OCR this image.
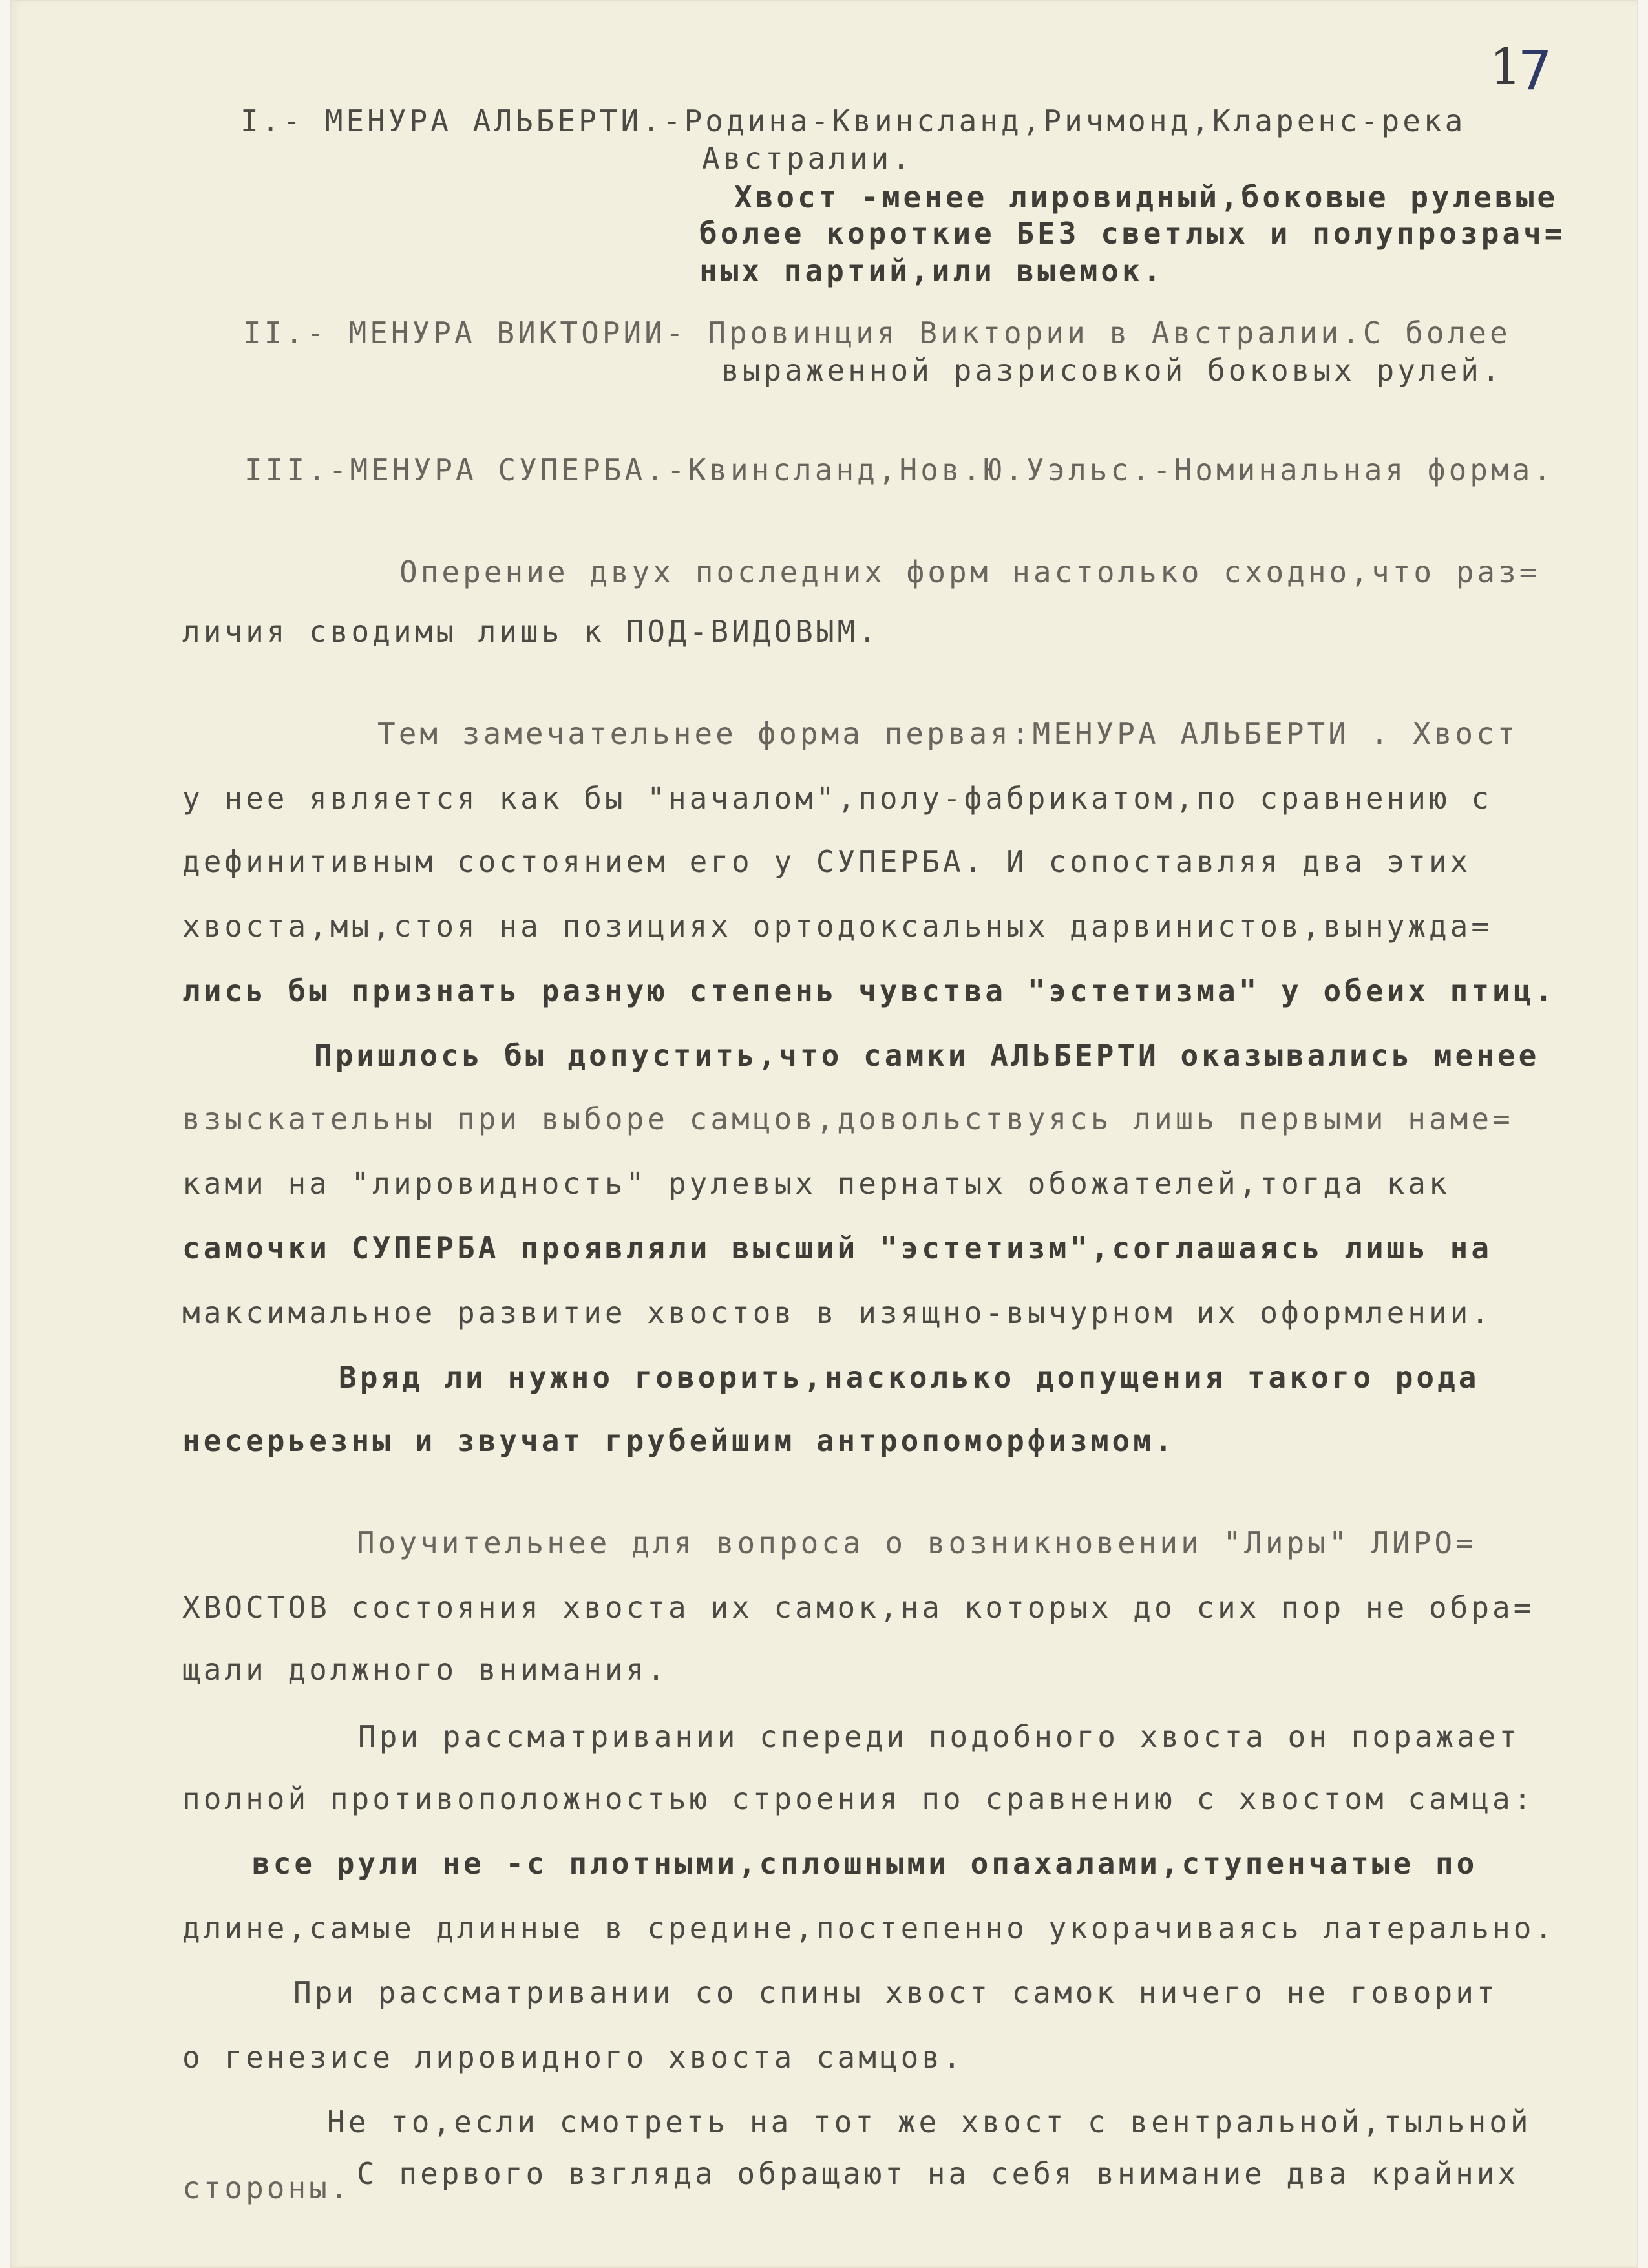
17
I.- МЕНУРА АЛЬБЕРТИ.-Родина-Квинсланд,Ричмонд,Кларенс-река
Австралии.
Хвост -менее лировидный,боковые рулевые
более короткие БЕЗ светлых и полупрозрач=
ных партий,или выемок.
II.- МЕНУРА ВИКТОРИИ- Провинция Виктории в Австралии.С более
выраженной разрисовкой боковых рулей.
III.-МЕНУРА СУПЕРБА.-Квинсланд,Нов.Ю.Уэльс.-Номинальная форма.
Оперение двух последних форм настолько сходно,что раз=
личия сводимы лишь к ПОД-ВИДОВЫМ.
Тем замечательнее форма первая:МЕНУРА АЛЬБЕРТИ . Хвост
у нее является как бы "началом",полу-фабрикатом,по сравнению с
дефинитивным состоянием его у СУПЕРБА. И сопоставляя два этих
хвоста,мы,стоя на позициях ортодоксальных дарвинистов,вынужда=
лись бы признать разную степень чувства "эстетизма" у обеих птиц.
Пришлось бы допустить,что самки АЛЬБЕРТИ оказывались менее
взыскательны при выборе самцов,довольствуясь лишь первыми наме=
ками на "лировидность" рулевых пернатых обожателей,тогда как
самочки СУПЕРБА проявляли высший "эстетизм",соглашаясь лишь на
максимальное развитие хвостов в изящно-вычурном их оформлении.
Вряд ли нужно говорить,насколько допущения такого рода
несерьезны и звучат грубейшим антропоморфизмом.
Поучительнее для вопроса о возникновении "Лиры" ЛИРО=
ХВОСТОВ состояния хвоста их самок,на которых до сих пор не обра=
щали должного внимания.
При рассматривании спереди подобного хвоста он поражает
полной противоположностью строения по сравнению с хвостом самца:
все рули не -с плотными,сплошными опахалами,ступенчатые по
длине,самые длинные в средине,постепенно укорачиваясь латерально.
При рассматривании со спины хвост самок ничего не говорит
о генезисе лировидного хвоста самцов.
Не то,если смотреть на тот же хвост с вентральной,тыльной
стороны. С первого взгляда обращают на себя внимание два крайних
